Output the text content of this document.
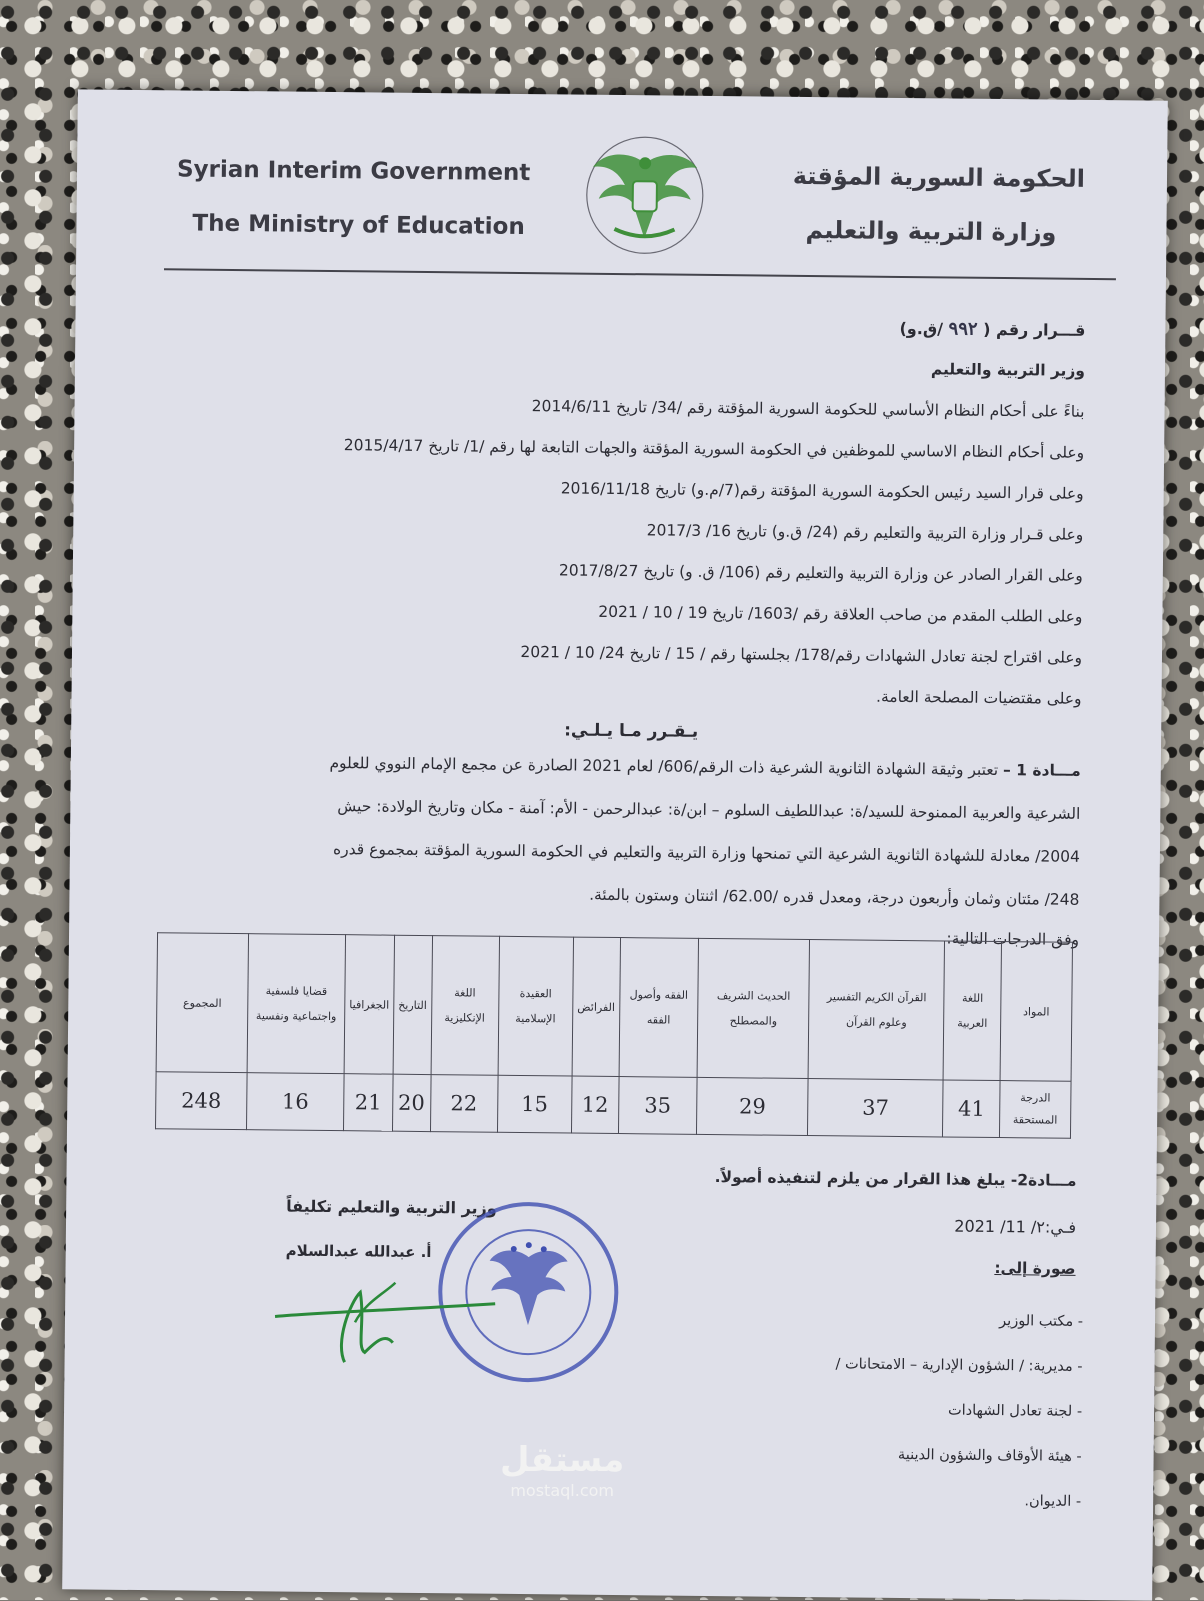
Syrian Interim Government
The Ministry of Education
الحكومة السورية المؤقتة
وزارة التربية والتعليم

قـــرار رقم ( ٩٩٢ /ق.و)

وزير التربية والتعليم

بناءً على أحكام النظام الأساسي للحكومة السورية المؤقتة رقم /34/ تاريخ 2014/6/11

وعلى أحكام النظام الاساسي للموظفين في الحكومة السورية المؤقتة والجهات التابعة لها رقم /1/ تاريخ 2015/4/17

وعلى قرار السيد رئيس الحكومة السورية المؤقتة رقم(7/م.و) تاريخ 2016/11/18

وعلى قـرار وزارة التربية والتعليم رقم (24/ ق.و) تاريخ 16/ 2017/3

وعلى القرار الصادر عن وزارة التربية والتعليم رقم (106/ ق. و) تاريخ 2017/8/27

وعلى الطلب المقدم من صاحب العلاقة رقم /1603/ تاريخ 19 / 10 / 2021

وعلى اقتراح لجنة تعادل الشهادات رقم/178/ بجلستها رقم / 15 / تاريخ 24/ 10 / 2021

وعلى مقتضيات المصلحة العامة.

يـقـرر مـا يـلـي:

مـــادة 1 – تعتبر وثيقة الشهادة الثانوية الشرعية ذات الرقم/606/ لعام 2021 الصادرة عن مجمع الإمام النووي للعلوم

الشرعية والعربية الممنوحة للسيد/ة: عبداللطيف السلوم – ابن/ة: عبدالرحمن - الأم: آمنة - مكان وتاريخ الولادة: حيش

2004/ معادلة للشهادة الثانوية الشرعية التي تمنحها وزارة التربية والتعليم في الحكومة السورية المؤقتة بمجموع قدره

248/ مئتان وثمان وأربعون درجة، ومعدل قدره /62.00/ اثنتان وستون بالمئة.

وفق الدرجات التالية:

المواد	اللغة العربية	القرآن الكريم التفسير وعلوم القرآن	الحديث الشريف والمصطلح	الفقه وأصول الفقه	الفرائض	العقيدة الإسلامية	اللغة الإنكليزية	التاريخ	الجغرافيا	قضايا فلسفية واجتماعية ونفسية	المجموع
الدرجة المستحقة	41	37	29	35	12	15	22	20	21	16	248
مـــادة2- يبلغ هذا القرار من يلزم لتنفيذه أصولاً.
فـي:٢/ 11/ 2021
صورة إلى:
- مكتب الوزير
- مديرية: / الشؤون الإدارية – الامتحانات /
- لجنة تعادل الشهادات
- هيئة الأوقاف والشؤون الدينية
- الديوان.
وزير التربية والتعليم تكليفاً
أ. عبدالله عبدالسلام
مستقل
mostaql.com
